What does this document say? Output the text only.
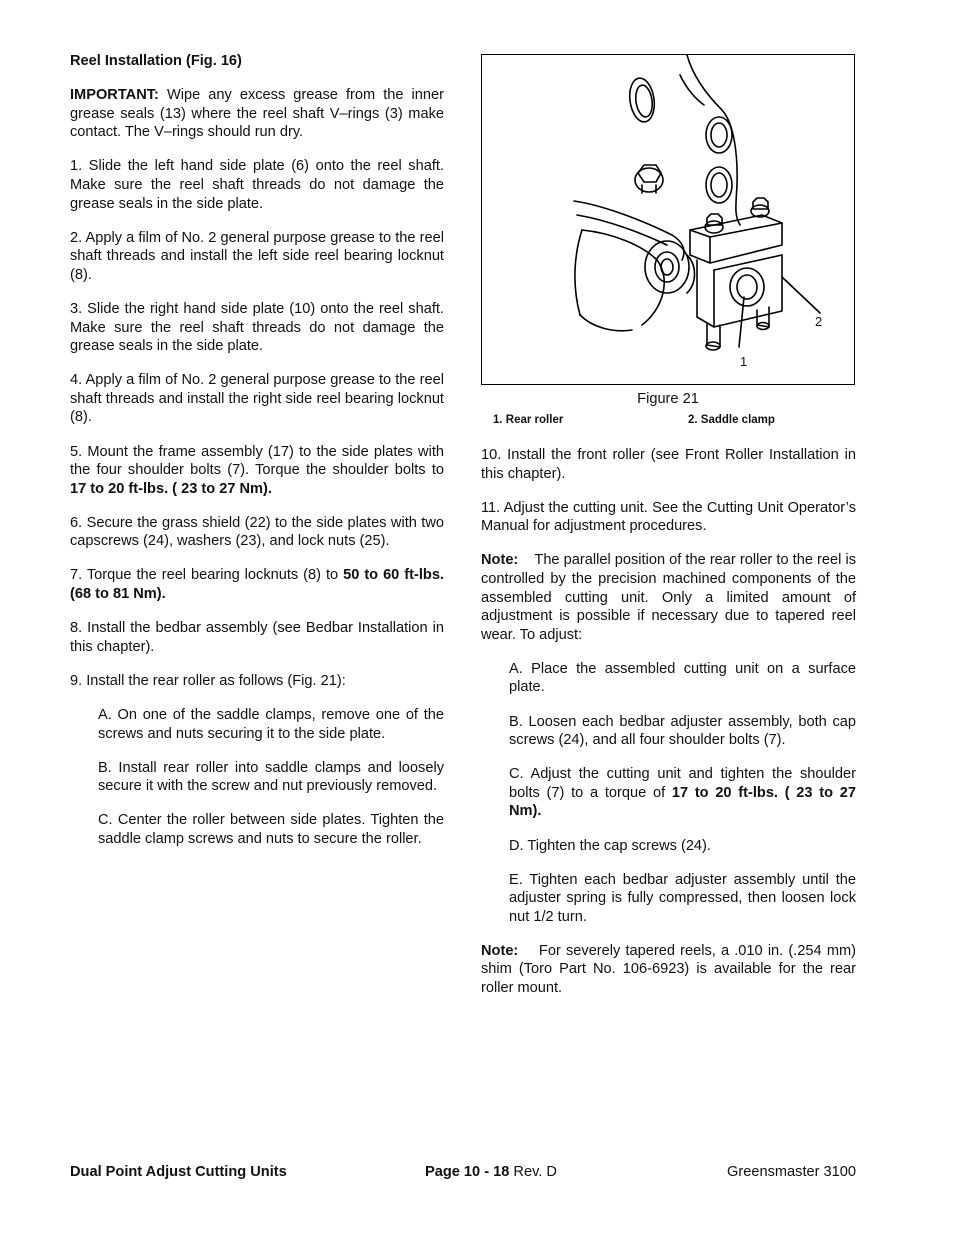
Reel Installation (Fig. 16)

IMPORTANT: Wipe any excess grease from the inner grease seals (13) where the reel shaft V–rings (3) make contact. The V–rings should run dry.

1. Slide the left hand side plate (6) onto the reel shaft. Make sure the reel shaft threads do not damage the grease seals in the side plate.

2. Apply a film of No. 2 general purpose grease to the reel shaft threads and install the left side reel bearing locknut (8).

3. Slide the right hand side plate (10) onto the reel shaft. Make sure the reel shaft threads do not damage the grease seals in the side plate.

4. Apply a film of No. 2 general purpose grease to the reel shaft threads and install the right side reel bearing locknut (8).

5. Mount the frame assembly (17) to the side plates with the four shoulder bolts (7). Torque the shoulder bolts to 17 to 20 ft-lbs. ( 23 to 27 Nm).

6. Secure the grass shield (22) to the side plates with two capscrews (24), washers (23), and lock nuts (25).

7. Torque the reel bearing locknuts (8) to 50 to 60 ft-lbs. (68 to 81 Nm).

8. Install the bedbar assembly (see Bedbar Installation in this chapter).

9. Install the rear roller as follows (Fig. 21):

A. On one of the saddle clamps, remove one of the screws and nuts securing it to the side plate.

B. Install rear roller into saddle clamps and loosely secure it with the screw and nut previously removed.

C. Center the roller between side plates. Tighten the saddle clamp screws and nuts to secure the roller.

2
1
Figure 21
1. Rear roller	2. Saddle clamp

10. Install the front roller (see Front Roller Installation in this chapter).

11. Adjust the cutting unit. See the Cutting Unit Operator’s Manual for adjustment procedures.

Note:    The parallel position of the rear roller to the reel is controlled by the precision machined components of the assembled cutting unit. Only a limited amount of adjustment is possible if necessary due to tapered reel wear. To adjust:

A. Place the assembled cutting unit on a surface plate.

B. Loosen each bedbar adjuster assembly, both cap screws (24), and all four shoulder bolts (7).

C. Adjust the cutting unit and tighten the shoulder bolts (7) to a torque of 17 to 20 ft-lbs. ( 23 to 27 Nm).

D. Tighten the cap screws (24).

E. Tighten each bedbar adjuster assembly until the adjuster spring is fully compressed, then loosen lock nut 1/2 turn.

Note:    For severely tapered reels, a .010 in. (.254 mm) shim (Toro Part No. 106-6923) is available for the rear roller mount.

Dual Point Adjust Cutting Units	Page 10 - 18 Rev. D	Greensmaster 3100
